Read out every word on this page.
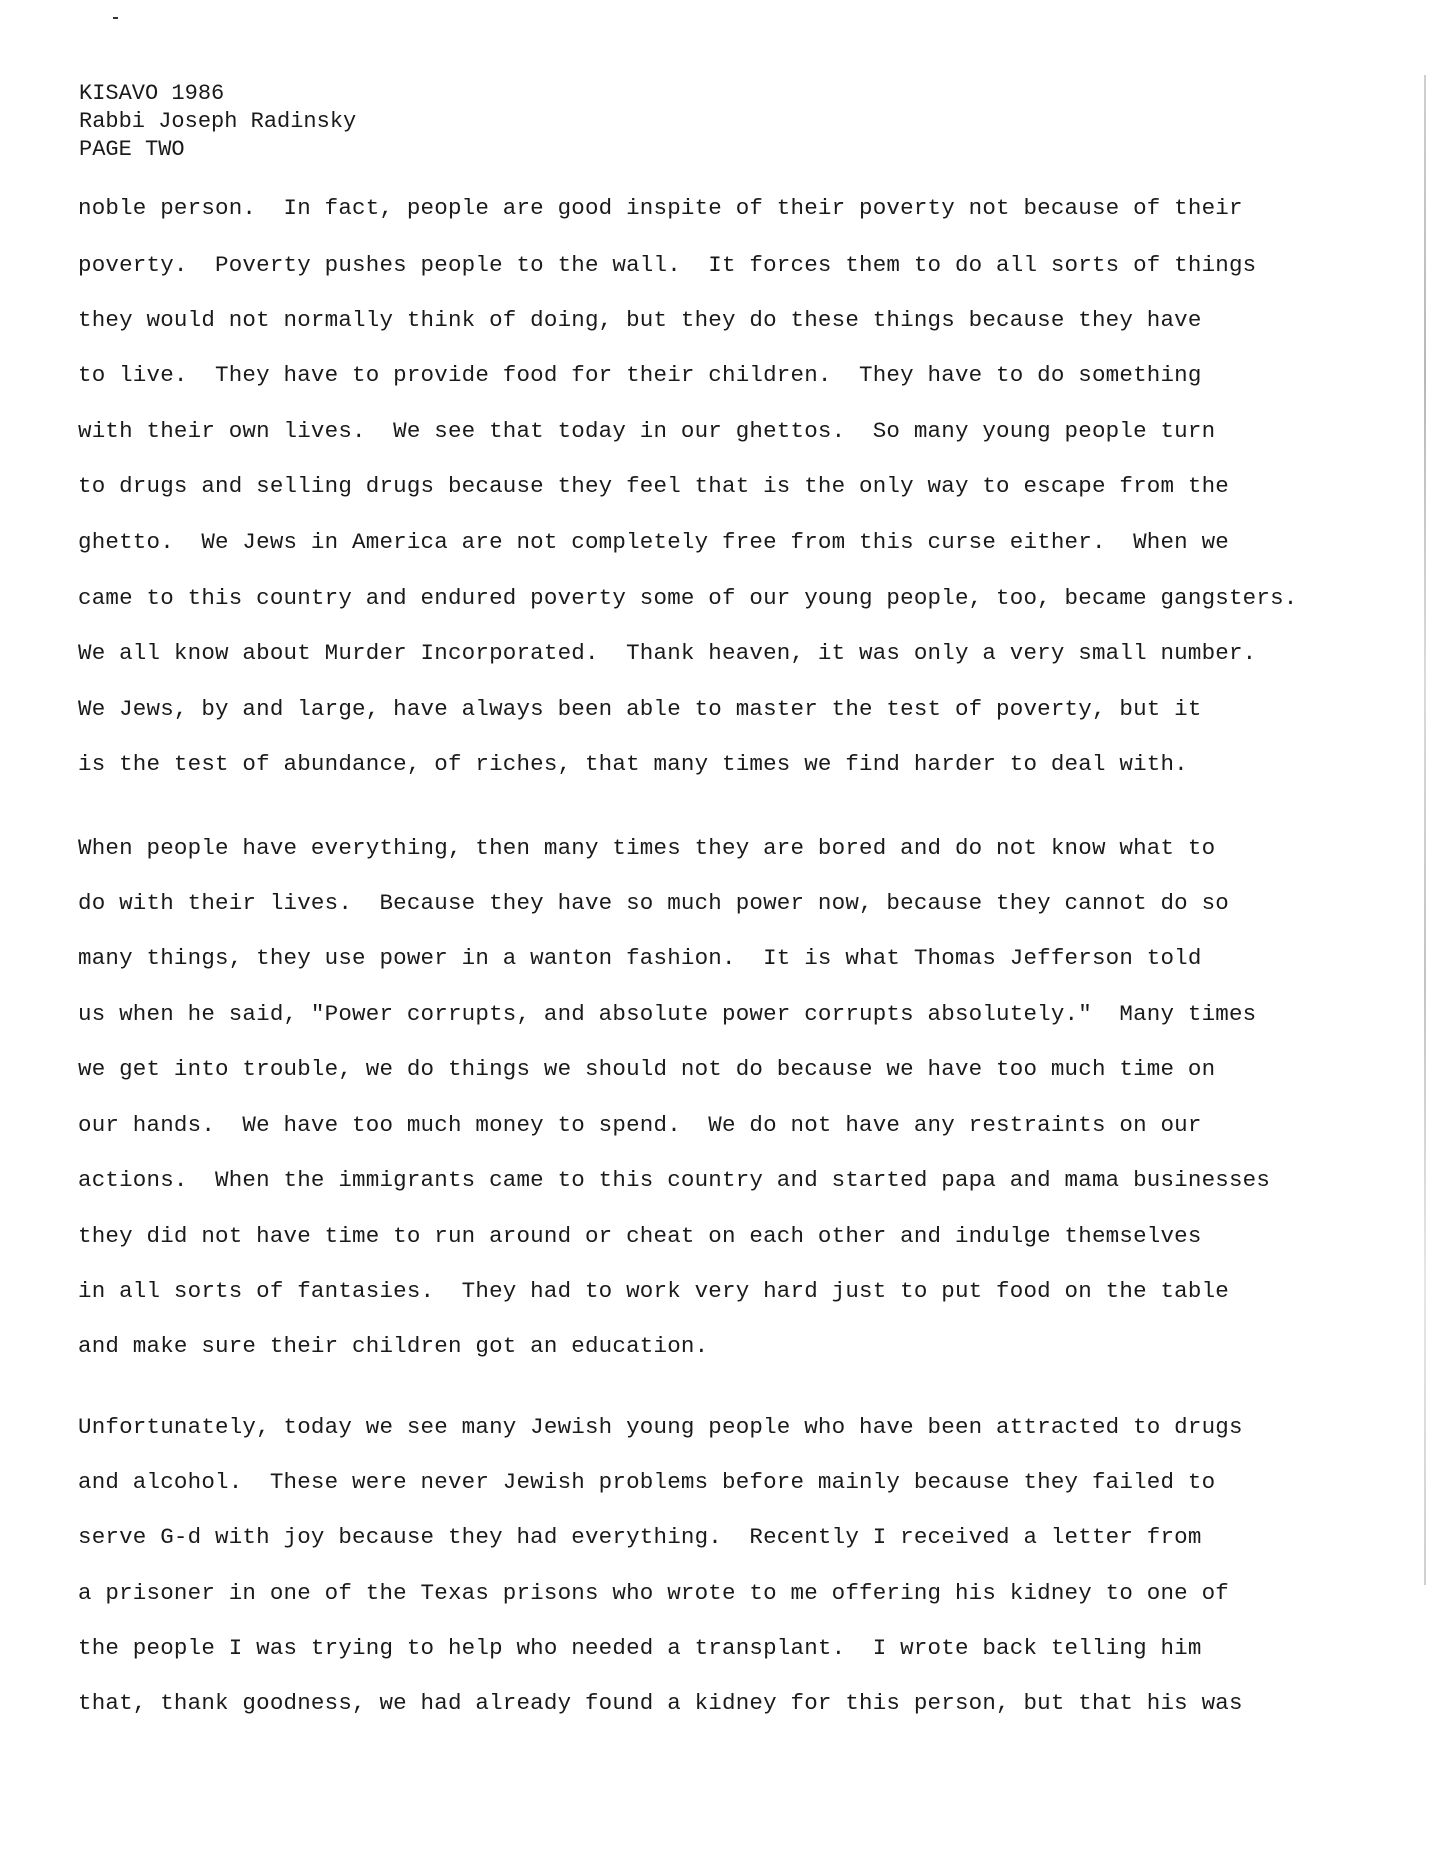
KISAVO 1986
Rabbi Joseph Radinsky
PAGE TWO
noble person.  In fact, people are good inspite of their poverty not because of their
poverty.  Poverty pushes people to the wall.  It forces them to do all sorts of things
they would not normally think of doing, but they do these things because they have
to live.  They have to provide food for their children.  They have to do something
with their own lives.  We see that today in our ghettos.  So many young people turn
to drugs and selling drugs because they feel that is the only way to escape from the
ghetto.  We Jews in America are not completely free from this curse either.  When we
came to this country and endured poverty some of our young people, too, became gangsters.
We all know about Murder Incorporated.  Thank heaven, it was only a very small number.
We Jews, by and large, have always been able to master the test of poverty, but it
is the test of abundance, of riches, that many times we find harder to deal with.
When people have everything, then many times they are bored and do not know what to
do with their lives.  Because they have so much power now, because they cannot do so
many things, they use power in a wanton fashion.  It is what Thomas Jefferson told
us when he said, "Power corrupts, and absolute power corrupts absolutely."  Many times
we get into trouble, we do things we should not do because we have too much time on
our hands.  We have too much money to spend.  We do not have any restraints on our
actions.  When the immigrants came to this country and started papa and mama businesses
they did not have time to run around or cheat on each other and indulge themselves
in all sorts of fantasies.  They had to work very hard just to put food on the table
and make sure their children got an education.
Unfortunately, today we see many Jewish young people who have been attracted to drugs
and alcohol.  These were never Jewish problems before mainly because they failed to
serve G-d with joy because they had everything.  Recently I received a letter from
a prisoner in one of the Texas prisons who wrote to me offering his kidney to one of
the people I was trying to help who needed a transplant.  I wrote back telling him
that, thank goodness, we had already found a kidney for this person, but that his was
